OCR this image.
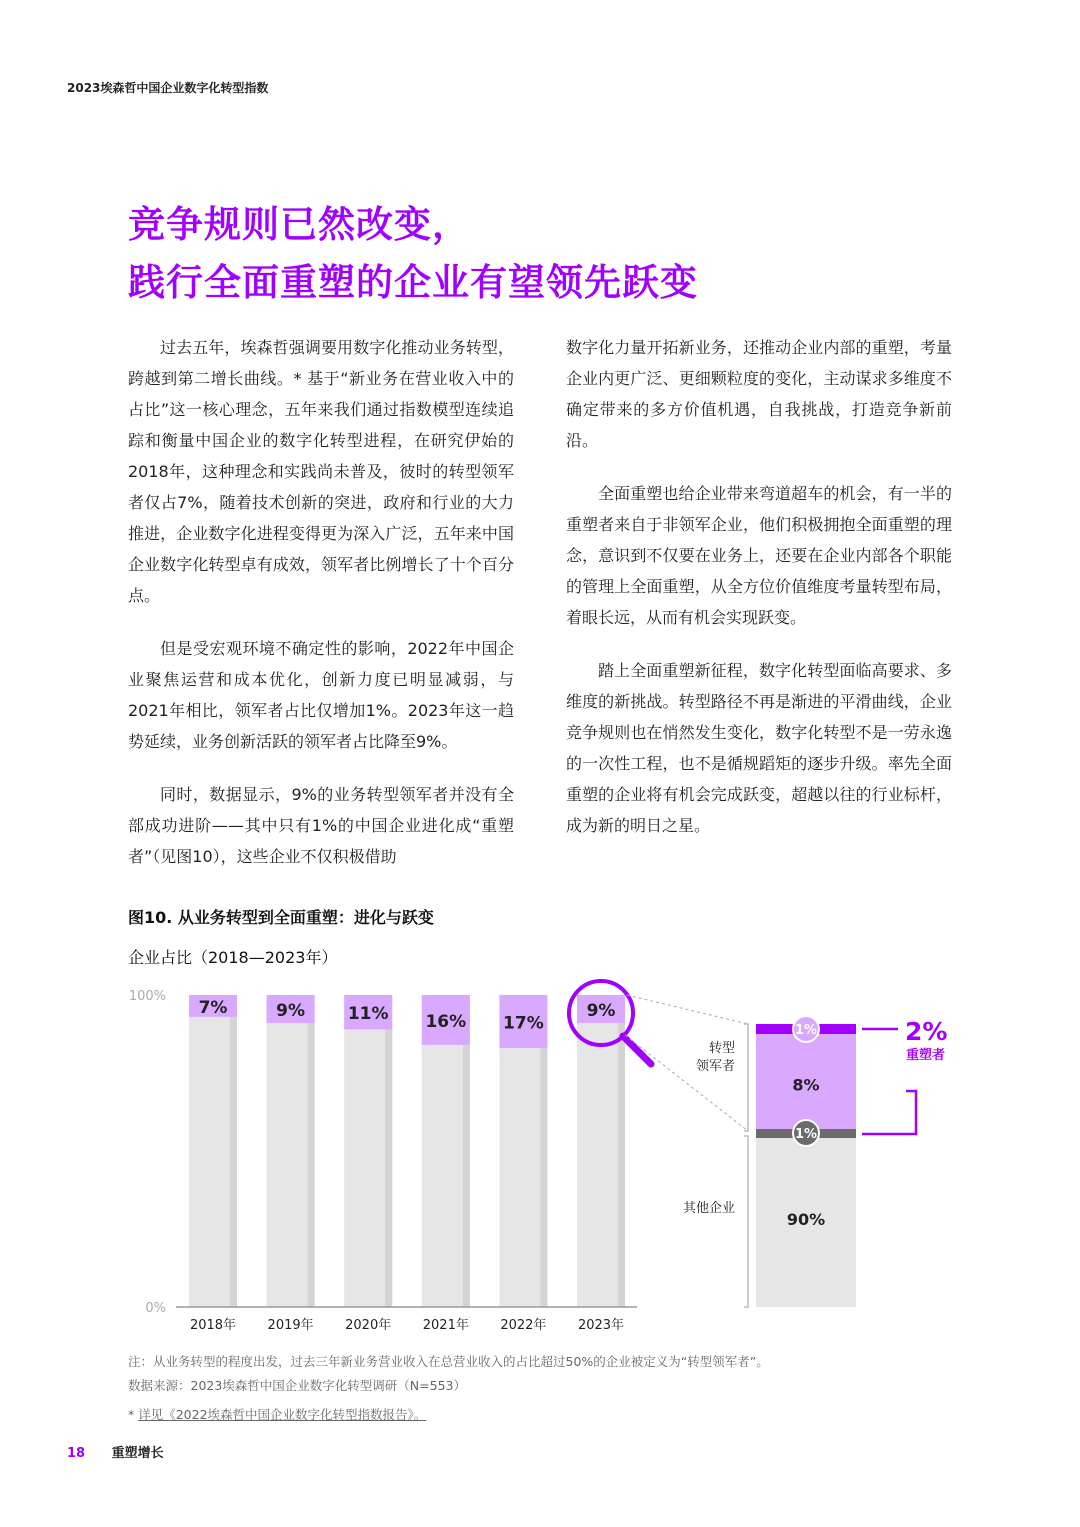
2023埃森哲中国企业数字化转型指数
竞争规则已然改变，
践行全面重塑的企业有望领先跃变

过去五年，埃森哲强调要用数字化推动业务转型，跨越到第二增长曲线。* 基于“新业务在营业收入中的占比”这一核心理念，五年来我们通过指数模型连续追踪和衡量中国企业的数字化转型进程，在研究伊始的2018年，这种理念和实践尚未普及，彼时的转型领军者仅占7%，随着技术创新的突进，政府和行业的大力推进，企业数字化进程变得更为深入广泛，五年来中国企业数字化转型卓有成效，领军者比例增长了十个百分点。

但是受宏观环境不确定性的影响，2022年中国企业聚焦运营和成本优化，创新力度已明显减弱，与2021年相比，领军者占比仅增加1%。2023年这一趋势延续，业务创新活跃的领军者占比降至9%。

同时，数据显示，9%的业务转型领军者并没有全部成功进阶——其中只有1%的中国企业进化成“重塑者”（见图10），这些企业不仅积极借助

数字化力量开拓新业务，还推动企业内部的重塑，考量企业内更广泛、更细颗粒度的变化，主动谋求多维度不确定带来的多方价值机遇，自我挑战，打造竞争新前沿。

全面重塑也给企业带来弯道超车的机会，有一半的重塑者来自于非领军企业，他们积极拥抱全面重塑的理念，意识到不仅要在业务上，还要在企业内部各个职能的管理上全面重塑，从全方位价值维度考量转型布局，着眼长远，从而有机会实现跃变。

踏上全面重塑新征程，数字化转型面临高要求、多维度的新挑战。转型路径不再是渐进的平滑曲线，企业竞争规则也在悄然发生变化，数字化转型不是一劳永逸的一次性工程，也不是循规蹈矩的逐步升级。率先全面重塑的企业将有机会完成跃变，超越以往的行业标杆，成为新的明日之星。

图10. 从业务转型到全面重塑：进化与跃变
企业占比（2018—2023年）
0%
100%
7%
2018年
9%
2019年
11%
2020年
16%
2021年
17%
2022年
9%
2023年
1%
8%
1%
90%
转型
领军者
其他企业
2%
重塑者
注：从业务转型的程度出发，过去三年新业务营业收入在总营业收入的占比超过50%的企业被定义为“转型领军者”。
数据来源：2023埃森哲中国企业数字化转型调研（N=553）
* 详见《2022埃森哲中国企业数字化转型指数报告》。
18 重塑增长
